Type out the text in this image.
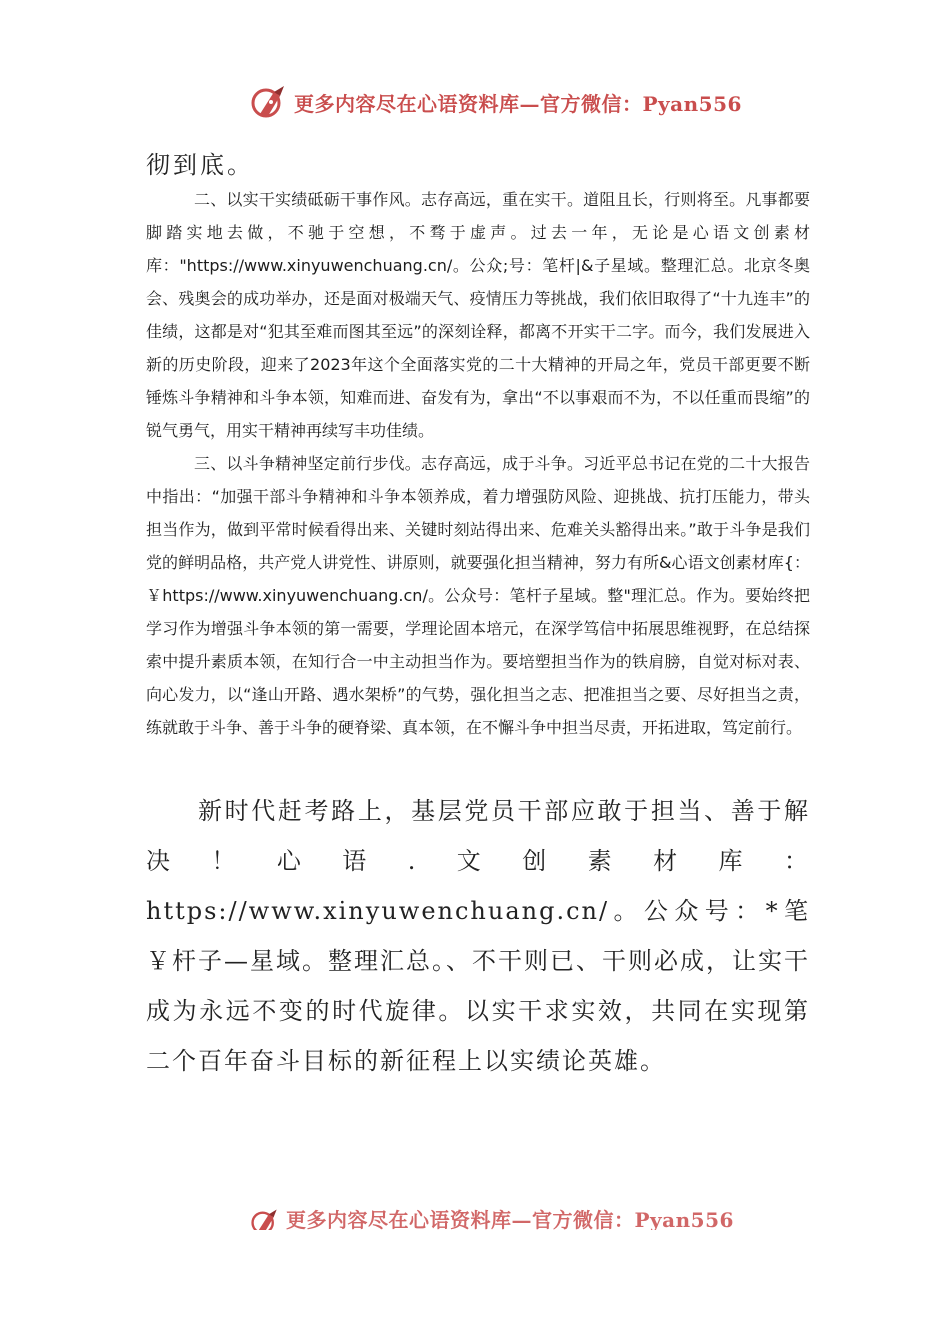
更多内容尽在心语资料库—官方微信：Pyan556

彻到底。

二、以实干实绩砥砺干事作风。志存高远，重在实干。道阻且长，行则将至。凡事都要脚踏实地去做，不驰于空想，不骛于虚声。过去一年，无论是心语文创素材库："https://www.xinyuwenchuang.cn/。公众;号：笔杆|&子星域。整理汇总。北京冬奥会、残奥会的成功举办，还是面对极端天气、疫情压力等挑战，我们依旧取得了“十九连丰”的佳绩，这都是对“犯其至难而图其至远”的深刻诠释，都离不开实干二字。而今，我们发展进入新的历史阶段，迎来了2023年这个全面落实党的二十大精神的开局之年，党员干部更要不断锤炼斗争精神和斗争本领，知难而进、奋发有为，拿出“不以事艰而不为，不以任重而畏缩”的锐气勇气，用实干精神再续写丰功佳绩。

三、以斗争精神坚定前行步伐。志存高远，成于斗争。习近平总书记在党的二十大报告中指出：“加强干部斗争精神和斗争本领养成，着力增强防风险、迎挑战、抗打压能力，带头担当作为，做到平常时候看得出来、关键时刻站得出来、危难关头豁得出来。”敢于斗争是我们党的鲜明品格，共产党人讲党性、讲原则，就要强化担当精神，努力有所&心语文创素材库{：￥https://www.xinyuwenchuang.cn/。公众号：笔杆子星域。整"理汇总。作为。要始终把学习作为增强斗争本领的第一需要，学理论固本培元，在深学笃信中拓展思维视野，在总结探索中提升素质本领，在知行合一中主动担当作为。要培塑担当作为的铁肩膀，自觉对标对表、向心发力，以“逢山开路、遇水架桥”的气势，强化担当之志、把准担当之要、尽好担当之责，练就敢于斗争、善于斗争的硬脊梁、真本领，在不懈斗争中担当尽责，开拓进取，笃定前行。

新时代赶考路上，基层党员干部应敢于担当、善于解决！心语.文创素材库：https://www.xinyuwenchuang.cn/。公众号：*笔￥杆子—星域。整理汇总。、不干则已、干则必成，让实干成为永远不变的时代旋律。以实干求实效，共同在实现第二个百年奋斗目标的新征程上以实绩论英雄。

更多内容尽在心语资料库—官方微信：Pyan556
